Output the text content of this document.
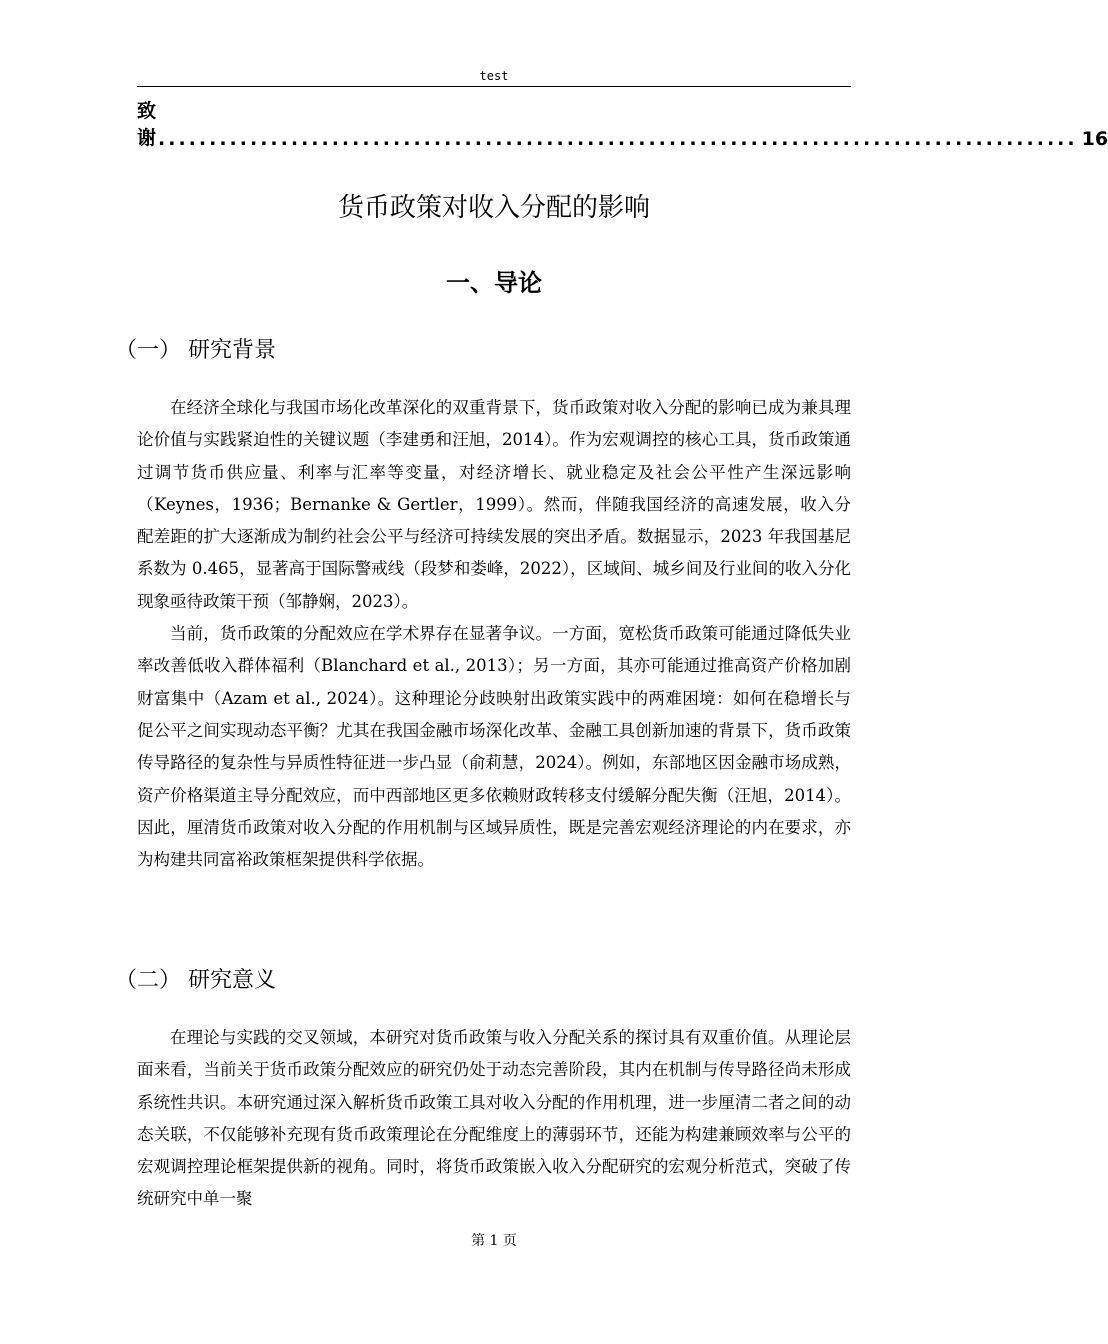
test
致谢 .......................................................................................... 16
货币政策对收入分配的影响
一、导论
（一） 研究背景

在经济全球化与我国市场化改革深化的双重背景下，货币政策对收入分配的影响已成为兼具理论价值与实践紧迫性的关键议题（李建勇和汪旭，2014）。作为宏观调控的核心工具，货币政策通过调节货币供应量、利率与汇率等变量，对经济增长、就业稳定及社会公平性产生深远影响（Keynes，1936；Bernanke & Gertler，1999）。然而，伴随我国经济的高速发展，收入分配差距的扩大逐渐成为制约社会公平与经济可持续发展的突出矛盾。数据显示，2023 年我国基尼系数为 0.465，显著高于国际警戒线（段梦和娄峰，2022），区域间、城乡间及行业间的收入分化现象亟待政策干预（邹静娴，2023）。

当前，货币政策的分配效应在学术界存在显著争议。一方面，宽松货币政策可能通过降低失业率改善低收入群体福利（Blanchard et al., 2013）；另一方面，其亦可能通过推高资产价格加剧财富集中（Azam et al., 2024）。这种理论分歧映射出政策实践中的两难困境：如何在稳增长与促公平之间实现动态平衡？尤其在我国金融市场深化改革、金融工具创新加速的背景下，货币政策传导路径的复杂性与异质性特征进一步凸显（俞莉慧，2024）。例如，东部地区因金融市场成熟，资产价格渠道主导分配效应，而中西部地区更多依赖财政转移支付缓解分配失衡（汪旭，2014）。因此，厘清货币政策对收入分配的作用机制与区域异质性，既是完善宏观经济理论的内在要求，亦为构建共同富裕政策框架提供科学依据。

（二） 研究意义

在理论与实践的交叉领域，本研究对货币政策与收入分配关系的探讨具有双重价值。从理论层面来看，当前关于货币政策分配效应的研究仍处于动态完善阶段，其内在机制与传导路径尚未形成系统性共识。本研究通过深入解析货币政策工具对收入分配的作用机理，进一步厘清二者之间的动态关联，不仅能够补充现有货币政策理论在分配维度上的薄弱环节，还能为构建兼顾效率与公平的宏观调控理论框架提供新的视角。同时，将货币政策嵌入收入分配研究的宏观分析范式，突破了传统研究中单一聚

第 1 页
